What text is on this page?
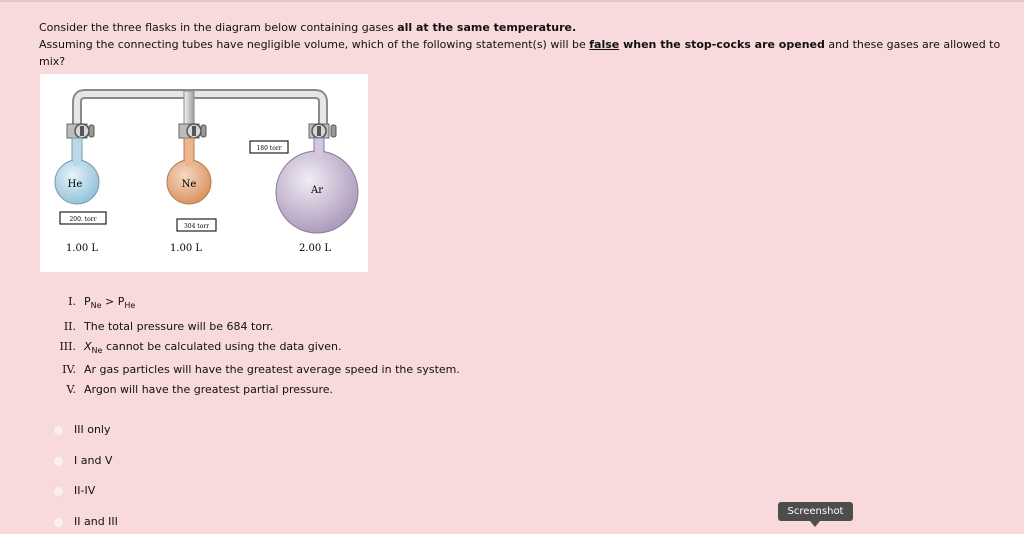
Consider the three flasks in the diagram below containing gases all at the same temperature.
Assuming the connecting tubes have negligible volume, which of the following statement(s) will be false when the stop-cocks are opened and these gases are allowed to mix?
He	Ne
Ar
200. torr
304 torr
180 torr
1.00 L	1.00 L	2.00 L
I. $P_{Ne} > P_{He}$
II. The total pressure will be 684 torr.
III. $X_{Ne}$ cannot be calculated using the data given.
IV. Ar gas particles will have the greatest average speed in the system.
V. Argon will have the greatest partial pressure.
III only
I and V
II-IV
II and III
Screenshot
